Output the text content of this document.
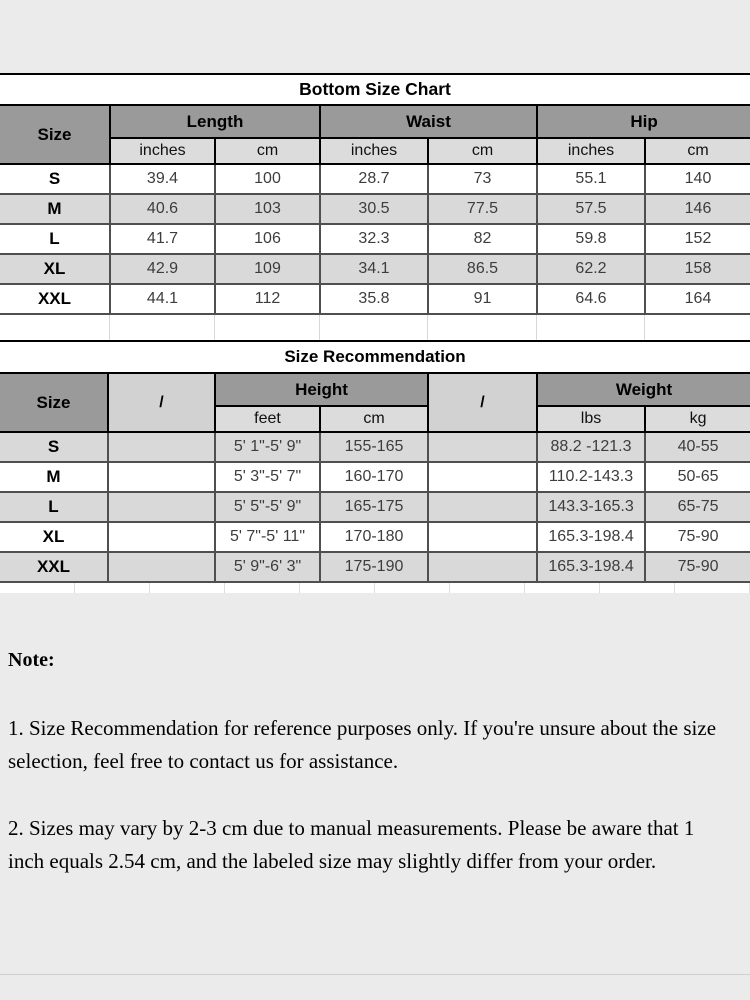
Bottom Size Chart
Size	Length		Waist		Hip	
	inches	cm	inches	cm	inches	cm
S	39.4	100	28.7	73	55.1	140
M	40.6	103	30.5	77.5	57.5	146
L	41.7	106	32.3	82	59.8	152
XL	42.9	109	34.1	86.5	62.2	158
XXL	44.1	112	35.8	91	64.6	164
Size Recommendation
Size	/	Height		/	Weight	
		feet	cm		lbs	kg
S		5' 1"-5' 9"	155-165		88.2 -121.3	40-55
M		5' 3"-5' 7"	160-170		110.2-143.3	50-65
L		5' 5"-5' 9"	165-175		143.3-165.3	65-75
XL		5' 7"-5' 11"	170-180		165.3-198.4	75-90
XXL		5' 9"-6' 3"	175-190		165.3-198.4	75-90

Note:

1. Size Recommendation for reference purposes only. If you're unsure about the size selection, feel free to contact us for assistance.

2. Sizes may vary by 2-3 cm due to manual measurements. Please be aware that 1 inch equals 2.54 cm, and the labeled size may slightly differ from your order.
